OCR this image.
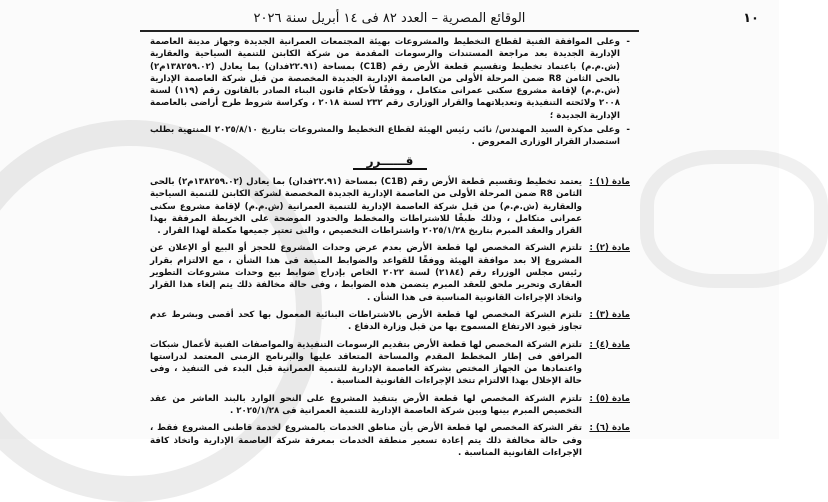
١٠
الوقائع المصرية – العدد ٨٢ فى ١٤ أبريل سنة ٢٠٢٦
-
وعلى الموافقة الفنية لقطاع التخطيط والمشروعات بهيئة المجتمعات العمرانية الجديدة وجهاز مدينة العاصمة الإدارية الجديدة بعد مراجعة المستندات والرسومات المقدمة من شركة الكابتن للتنمية السياحية والعقارية (ش.م.م) باعتماد تخطيط وتقسيم قطعة الأرض رقم (C1B) بمساحة (٢٢.٩١فدان) بما يعادل (١٣٨٢٥٩.٠٢م٢) بالحى الثامن R8 ضمن المرحلة الأولى من العاصمة الإدارية الجديدة المخصصة من قبل شركة العاصمة الإدارية (ش.م.م) لإقامة مشروع سكنى عمرانى متكامل ، ووفقًا لأحكام قانون البناء الصادر بالقانون رقم (١١٩) لسنة ٢٠٠٨ ولائحته التنفيذية وتعديلاتهما والقرار الوزارى رقم ٢٣٢ لسنة ٢٠١٨ ، وكراسة شروط طرح أراضى بالعاصمة الإدارية الجديدة ؛
-
وعلى مذكرة السيد المهندس/ نائب رئيس الهيئة لقطاع التخطيط والمشروعات بتاريخ ٢٠٢٥/٨/١٠ المنتهية بطلب استصدار القرار الوزارى المعروض .
قــــــرر
مادة (١) :
يعتمد تخطيط وتقسيم قطعة الأرض رقم (C1B) بمساحة (٢٢.٩١فدان) بما يعادل (١٣٨٢٥٩.٠٢م٢) بالحى الثامن R8 ضمن المرحلة الأولى من العاصمة الإدارية الجديدة المخصصة لشركة الكابتن للتنمية السياحية والعقارية (ش.م.م) من قبل شركة العاصمة الإدارية للتنمية العمرانية (ش.م.م) لإقامة مشروع سكنى عمرانى متكامل ، وذلك طبقًا للاشتراطات والمخطط والحدود الموضحة على الخريطة المرفقة بهذا القرار والعقد المبرم بتاريخ ٢٠٢٥/١/٢٨ واشتراطات التخصيص ، والتى تعتبر جميعها مكملة لهذا القرار .
مادة (٢) :
تلتزم الشركة المخصص لها قطعة الأرض بعدم عرض وحدات المشروع للحجز أو البيع أو الإعلان عن المشروع إلا بعد موافقة الهيئة ووفقًا للقواعد والضوابط المتبعة فى هذا الشأن ، مع الالتزام بقرار رئيس مجلس الوزراء رقم (٢١٨٤) لسنة ٢٠٢٢ الخاص بإدراج ضوابط بيع وحدات مشروعات التطوير العقارى وتحرير ملحق للعقد المبرم يتضمن هذه الضوابط ، وفى حالة مخالفة ذلك يتم إلغاء هذا القرار واتخاذ الإجراءات القانونية المناسبة فى هذا الشأن .
مادة (٣) :
تلتزم الشركة المخصص لها قطعة الأرض بالاشتراطات البنائية المعمول بها كحد أقصى وبشرط عدم تجاوز قيود الارتفاع المسموح بها من قبل وزارة الدفاع .
مادة (٤) :
تلتزم الشركة المخصص لها قطعة الأرض بتقديم الرسومات التنفيذية والمواصفات الفنية لأعمال شبكات المرافق فى إطار المخطط المقدم والمساحة المتعاقد عليها والبرنامج الزمنى المعتمد لدراستها واعتمادها من الجهاز المختص بشركة العاصمة الإدارية للتنمية العمرانية قبل البدء فى التنفيذ ، وفى حالة الإخلال بهذا الالتزام تتخذ الإجراءات القانونية المناسبة .
مادة (٥) :
تلتزم الشركة المخصص لها قطعة الأرض بتنفيذ المشروع على النحو الوارد بالبند العاشر من عقد التخصيص المبرم بينها وبين شركة العاصمة الإدارية للتنمية العمرانية فى ٢٠٢٥/١/٢٨ .
مادة (٦) :
تقر الشركة المخصص لها قطعة الأرض بأن مناطق الخدمات بالمشروع لخدمة قاطنى المشروع فقط ، وفى حالة مخالفة ذلك يتم إعادة تسعير منطقة الخدمات بمعرفة شركة العاصمة الإدارية واتخاذ كافة الإجراءات القانونية المناسبة .
